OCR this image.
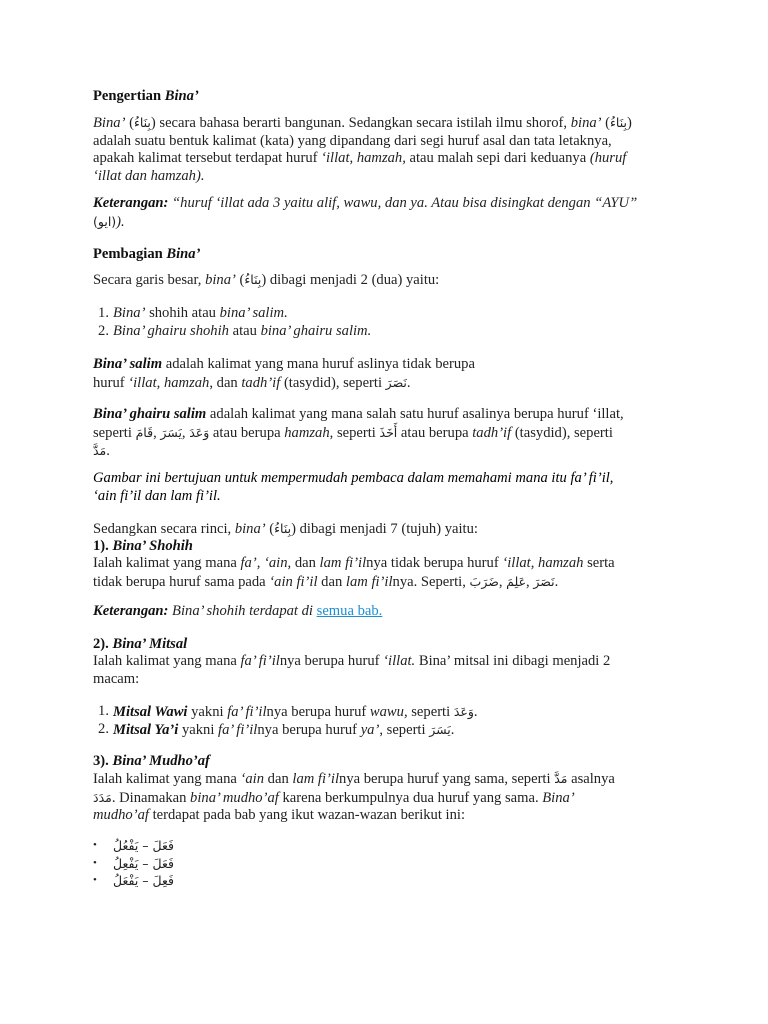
Pengertian Bina’

Bina’ (بِنَاءُ) secara bahasa berarti bangunan. Sedangkan secara istilah ilmu shorof, bina’ (بِنَاءُ)
adalah suatu bentuk kalimat (kata) yang dipandang dari segi huruf asal dan tata letaknya,
apakah kalimat tersebut terdapat huruf ‘illat, hamzah, atau malah sepi dari keduanya (huruf
‘illat dan hamzah).

Keterangan: “huruf ‘illat ada 3 yaitu alif, wawu, dan ya. Atau bisa disingkat dengan “AYU”
(ايو)).

Pembagian Bina’

Secara garis besar, bina’ (بِنَاءُ) dibagi menjadi 2 (dua) yaitu:

1. Bina’ shohih atau bina’ salim.
2. Bina’ ghairu shohih atau bina’ ghairu salim.

Bina’ salim adalah kalimat yang mana huruf aslinya tidak berupa
huruf ‘illat, hamzah, dan tadh’if (tasydid), seperti نَصَرَ.

Bina’ ghairu salim adalah kalimat yang mana salah satu huruf asalinya berupa huruf ‘illat,
seperti قَامَ, يَسَرَ, وَعَدَ atau berupa hamzah, seperti أَخَذَ atau berupa tadh’if (tasydid), seperti
مَدَّ.

Gambar ini bertujuan untuk mempermudah pembaca dalam memahami mana itu fa’ fi’il,
‘ain fi’il dan lam fi’il.

Sedangkan secara rinci, bina’ (بِنَاءُ) dibagi menjadi 7 (tujuh) yaitu:

1). Bina’ Shohih

Ialah kalimat yang mana fa’, ‘ain, dan lam fi’ilnya tidak berupa huruf ‘illat, hamzah serta
tidak berupa huruf sama pada ‘ain fi’il dan lam fi’ilnya. Seperti, ضَرَبَ, عَلِمَ, نَصَرَ.

Keterangan: Bina’ shohih terdapat di semua bab.

2). Bina’ Mitsal

Ialah kalimat yang mana fa’ fi’ilnya berupa huruf ‘illat. Bina’ mitsal ini dibagi menjadi 2
macam:

1. Mitsal Wawi yakni fa’ fi’ilnya berupa huruf wawu, seperti وَعَدَ.
2. Mitsal Ya’i yakni fa’ fi’ilnya berupa huruf ya’, seperti يَسَرَ.

3). Bina’ Mudho’af

Ialah kalimat yang mana ‘ain dan lam fi’ilnya berupa huruf yang sama, seperti مَدَّ asalnya
مَدَدَ. Dinamakan bina’ mudho’af karena berkumpulnya dua huruf yang sama. Bina’
mudho’af terdapat pada bab yang ikut wazan-wazan berikut ini:

• فَعَلَ – يَفْعُلُ
• فَعَلَ – يَفْعِلُ
• فَعِلَ – يَفْعَلُ
